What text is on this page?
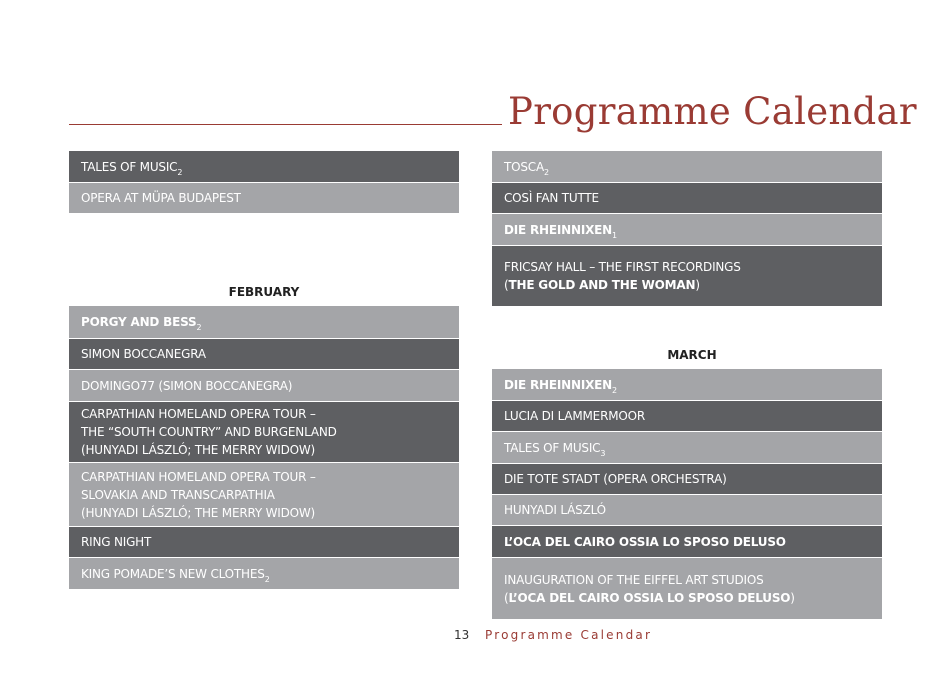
Programme Calendar
TALES OF $MUSIC_2$
OPERA AT MÜPA BUDAPEST
FEBRUARY
PORGY AND $BESS_2$
SIMON BOCCANEGRA
DOMINGO77 (SIMON BOCCANEGRA)
CARPATHIAN HOMELAND OPERA TOUR –
THE “SOUTH COUNTRY” AND BURGENLAND
(HUNYADI LÁSZLÓ; THE MERRY WIDOW)
CARPATHIAN HOMELAND OPERA TOUR –
SLOVAKIA AND TRANSCARPATHIA
(HUNYADI LÁSZLÓ; THE MERRY WIDOW)
RING NIGHT
KING POMADE’S NEW $CLOTHES_2$
$TOSCA_2$
COSÌ FAN TUTTE
DIE $RHEINNIXEN_1$
FRICSAY HALL – THE FIRST RECORDINGS
(THE GOLD AND THE WOMAN)
MARCH
DIE $RHEINNIXEN_2$
LUCIA DI LAMMERMOOR
TALES OF $MUSIC_3$
DIE TOTE STADT (OPERA ORCHESTRA)
HUNYADI LÁSZLÓ
L’OCA DEL CAIRO OSSIA LO SPOSO DELUSO
INAUGURATION OF THE EIFFEL ART STUDIOS
(L’OCA DEL CAIRO OSSIA LO SPOSO DELUSO)
13 Programme Calendar
